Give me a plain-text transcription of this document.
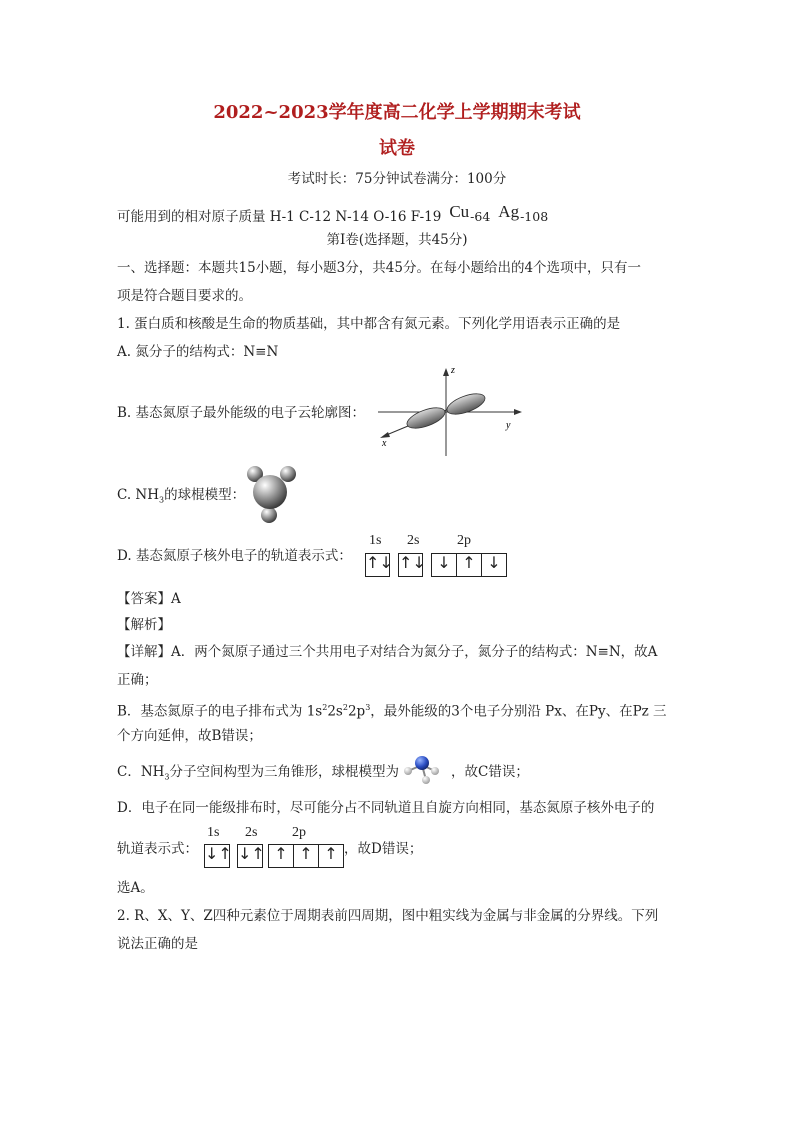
2022~2023学年度高二化学上学期期末考试
试卷
考试时长：75分钟试卷满分：100分
可能用到的相对原子质量 H-1 C-12 N-14 O-16 F-19 Cu-64 Ag-108
第Ⅰ卷(选择题，共45分)
一、选择题：本题共15小题，每小题3分，共45分。在每小题给出的4个选项中，只有一
项是符合题目要求的。
1. 蛋白质和核酸是生命的物质基础，其中都含有氮元素。下列化学用语表示正确的是
A. 氮分子的结构式：N≡N
B. 基态氮原子最外能级的电子云轮廓图：
z
y
x
C. $NH_3$的球棍模型：
D. 基态氮原子核外电子的轨道表示式：
1s 2s	2p
↑↓ ↑↓ ↓ ↑ ↓
【答案】A
【解析】
【详解】A．两个氮原子通过三个共用电子对结合为氮分子，氮分子的结构式：N≡N，故A
正确；
B．基态氮原子的电子排布式为 $1s^22s^22p^3$，最外能级的3个电子分别沿 Px、在Py、在Pz 三
个方向延伸，故B错误；
C．$NH_3$分子空间构型为三角锥形，球棍模型为	，故C错误；
D．电子在同一能级排布时，尽可能分占不同轨道且自旋方向相同，基态氮原子核外电子的
轨道表示式：
1s 2s 2p
↓↑ ↓↑ ↑ ↑ ↑ ，故D错误；
选A。
2. R、X、Y、Z四种元素位于周期表前四周期，图中粗实线为金属与非金属的分界线。下列
说法正确的是
